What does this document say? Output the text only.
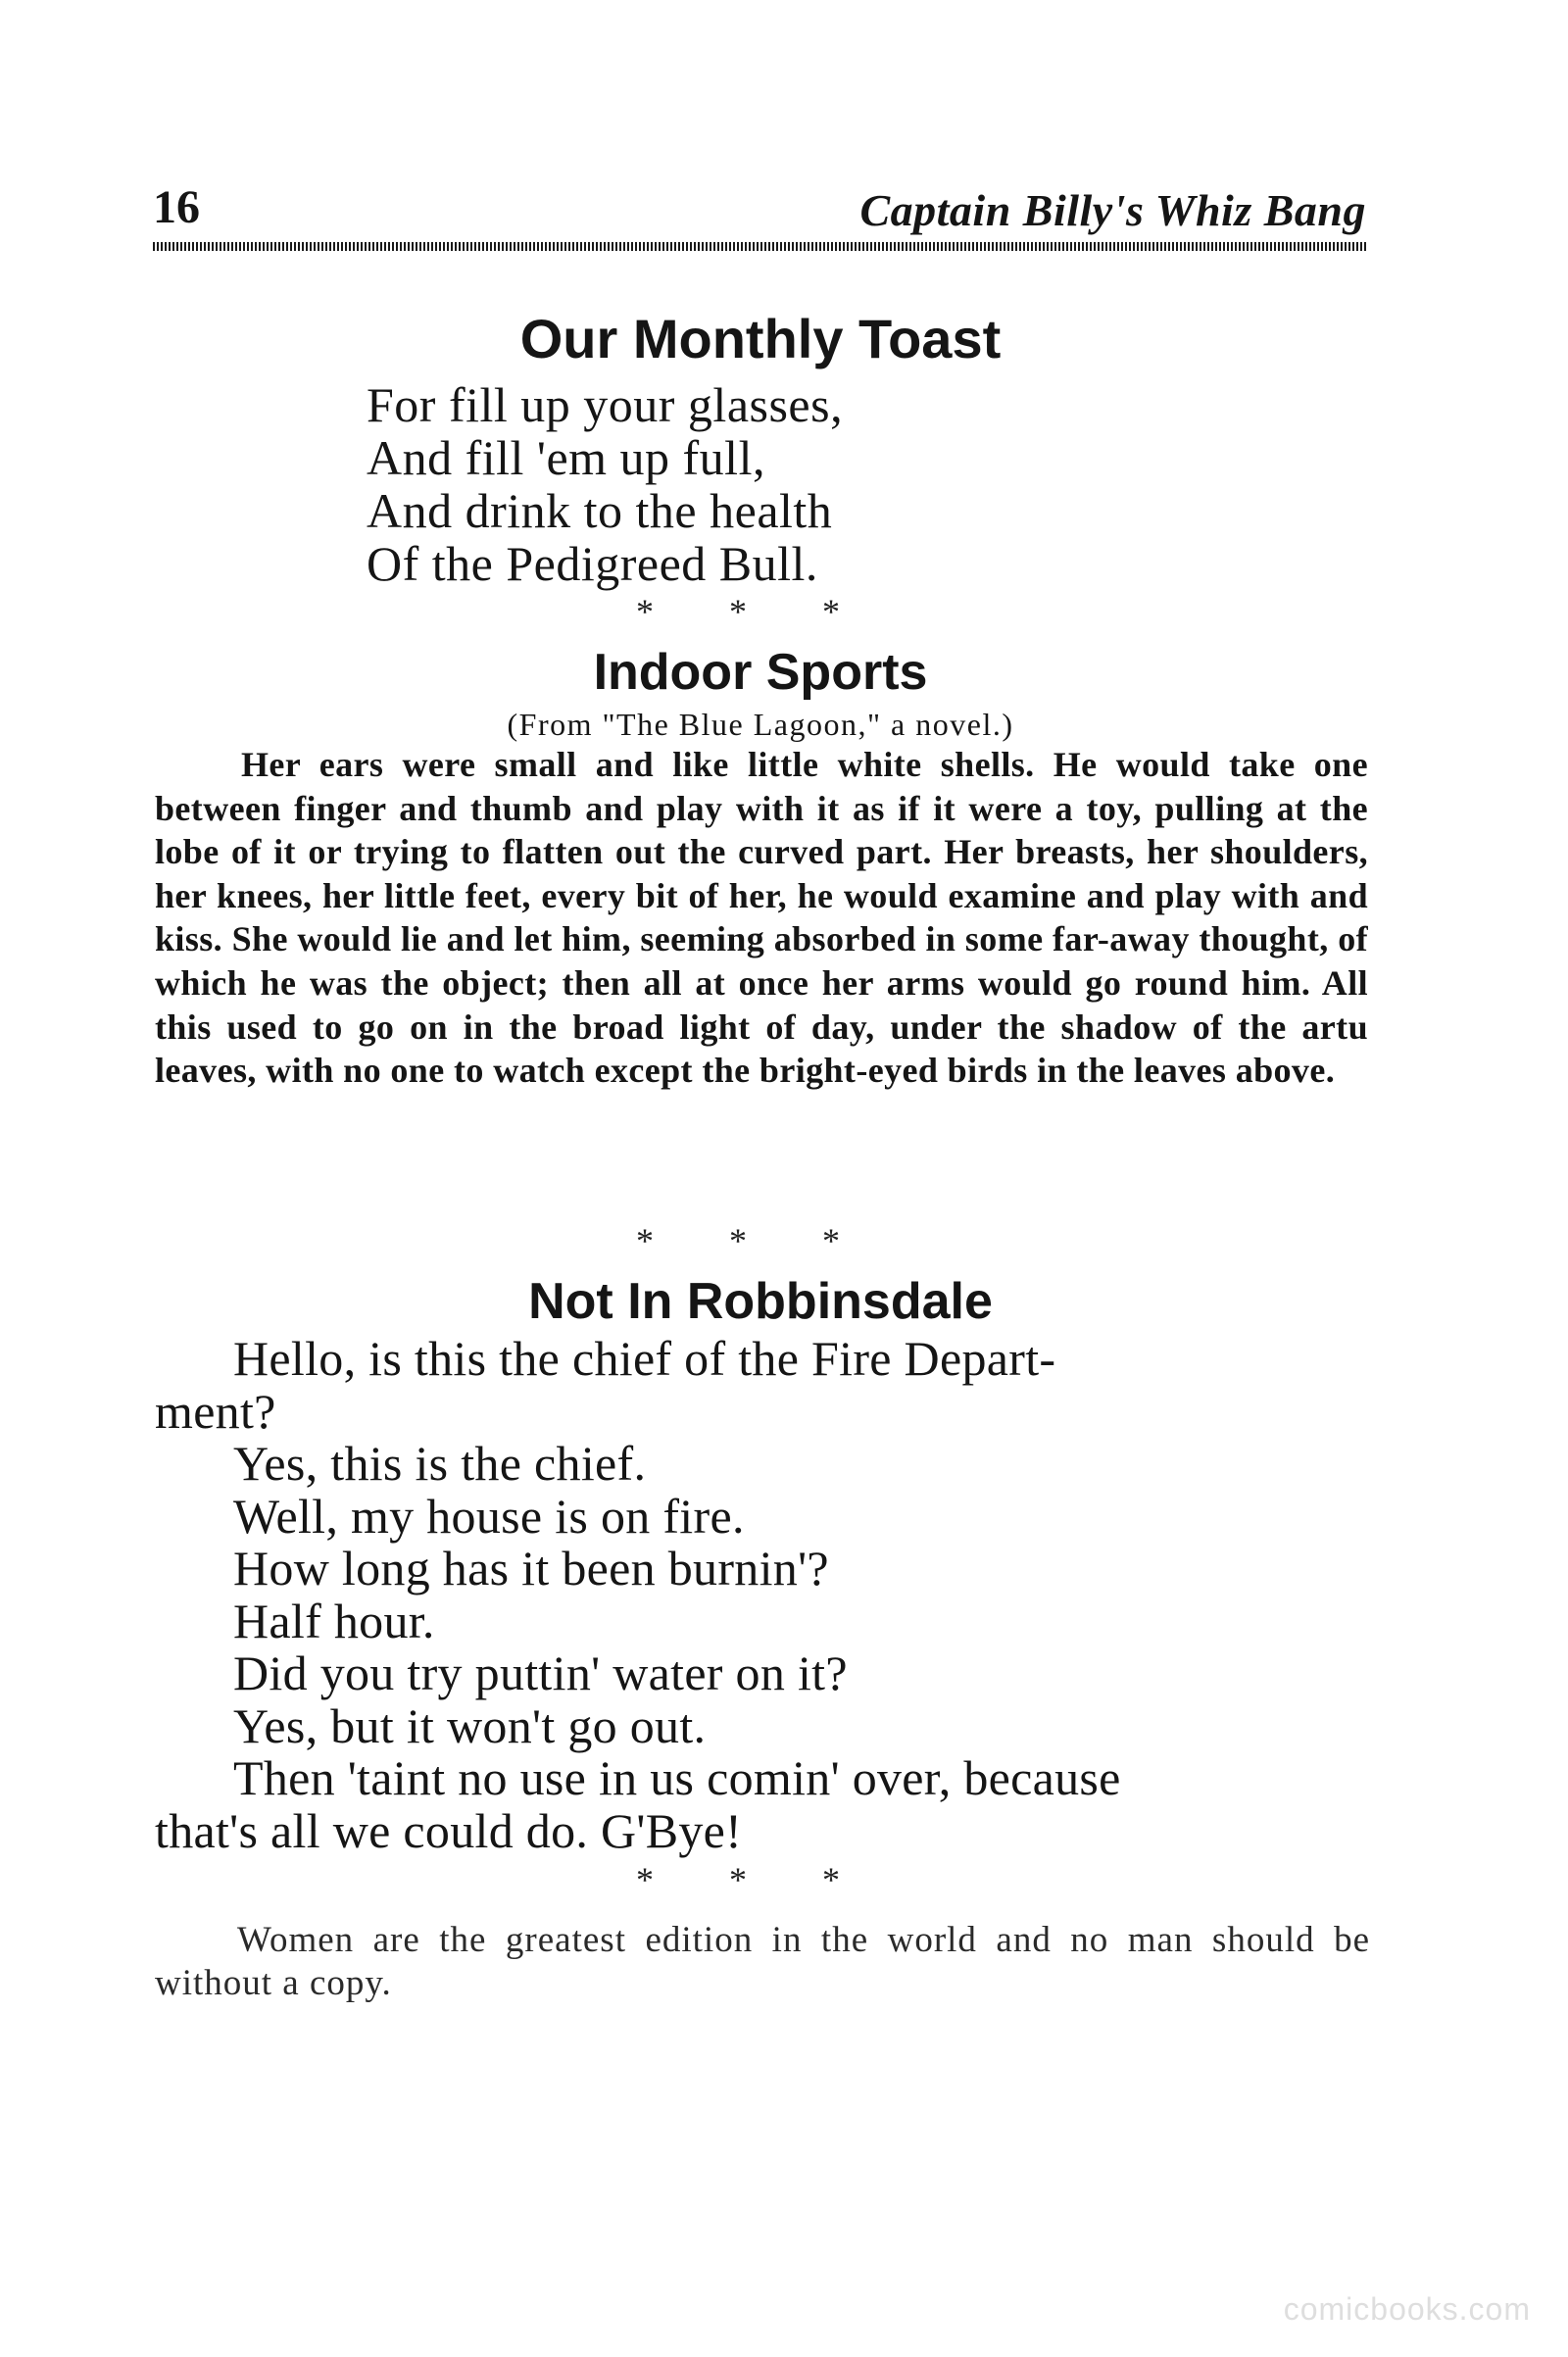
16	Captain Billy's Whiz Bang
Our Monthly Toast
For fill up your glasses,
And fill 'em up full,
And drink to the health
Of the Pedigreed Bull.
* * *
Indoor Sports
(From "The Blue Lagoon," a novel.)

Her ears were small and like little white shells. He would take one between finger and thumb and play with it as if it were a toy, pulling at the lobe of it or trying to flatten out the curved part. Her breasts, her shoulders, her knees, her little feet, every bit of her, he would examine and play with and kiss. She would lie and let him, seeming absorbed in some far-away thought, of which he was the object; then all at once her arms would go round him. All this used to go on in the broad light of day, under the shadow of the artu leaves, with no one to watch except the bright-eyed birds in the leaves above.

* * *
Not In Robbinsdale
Hello, is this the chief of the Fire Depart-
ment?
Yes, this is the chief.
Well, my house is on fire.
How long has it been burnin'?
Half hour.
Did you try puttin' water on it?
Yes, but it won't go out.
Then 'taint no use in us comin' over, because
that's all we could do. G'Bye!
* * *

Women are the greatest edition in the world and no man should be without a copy.

comicbooks.com
